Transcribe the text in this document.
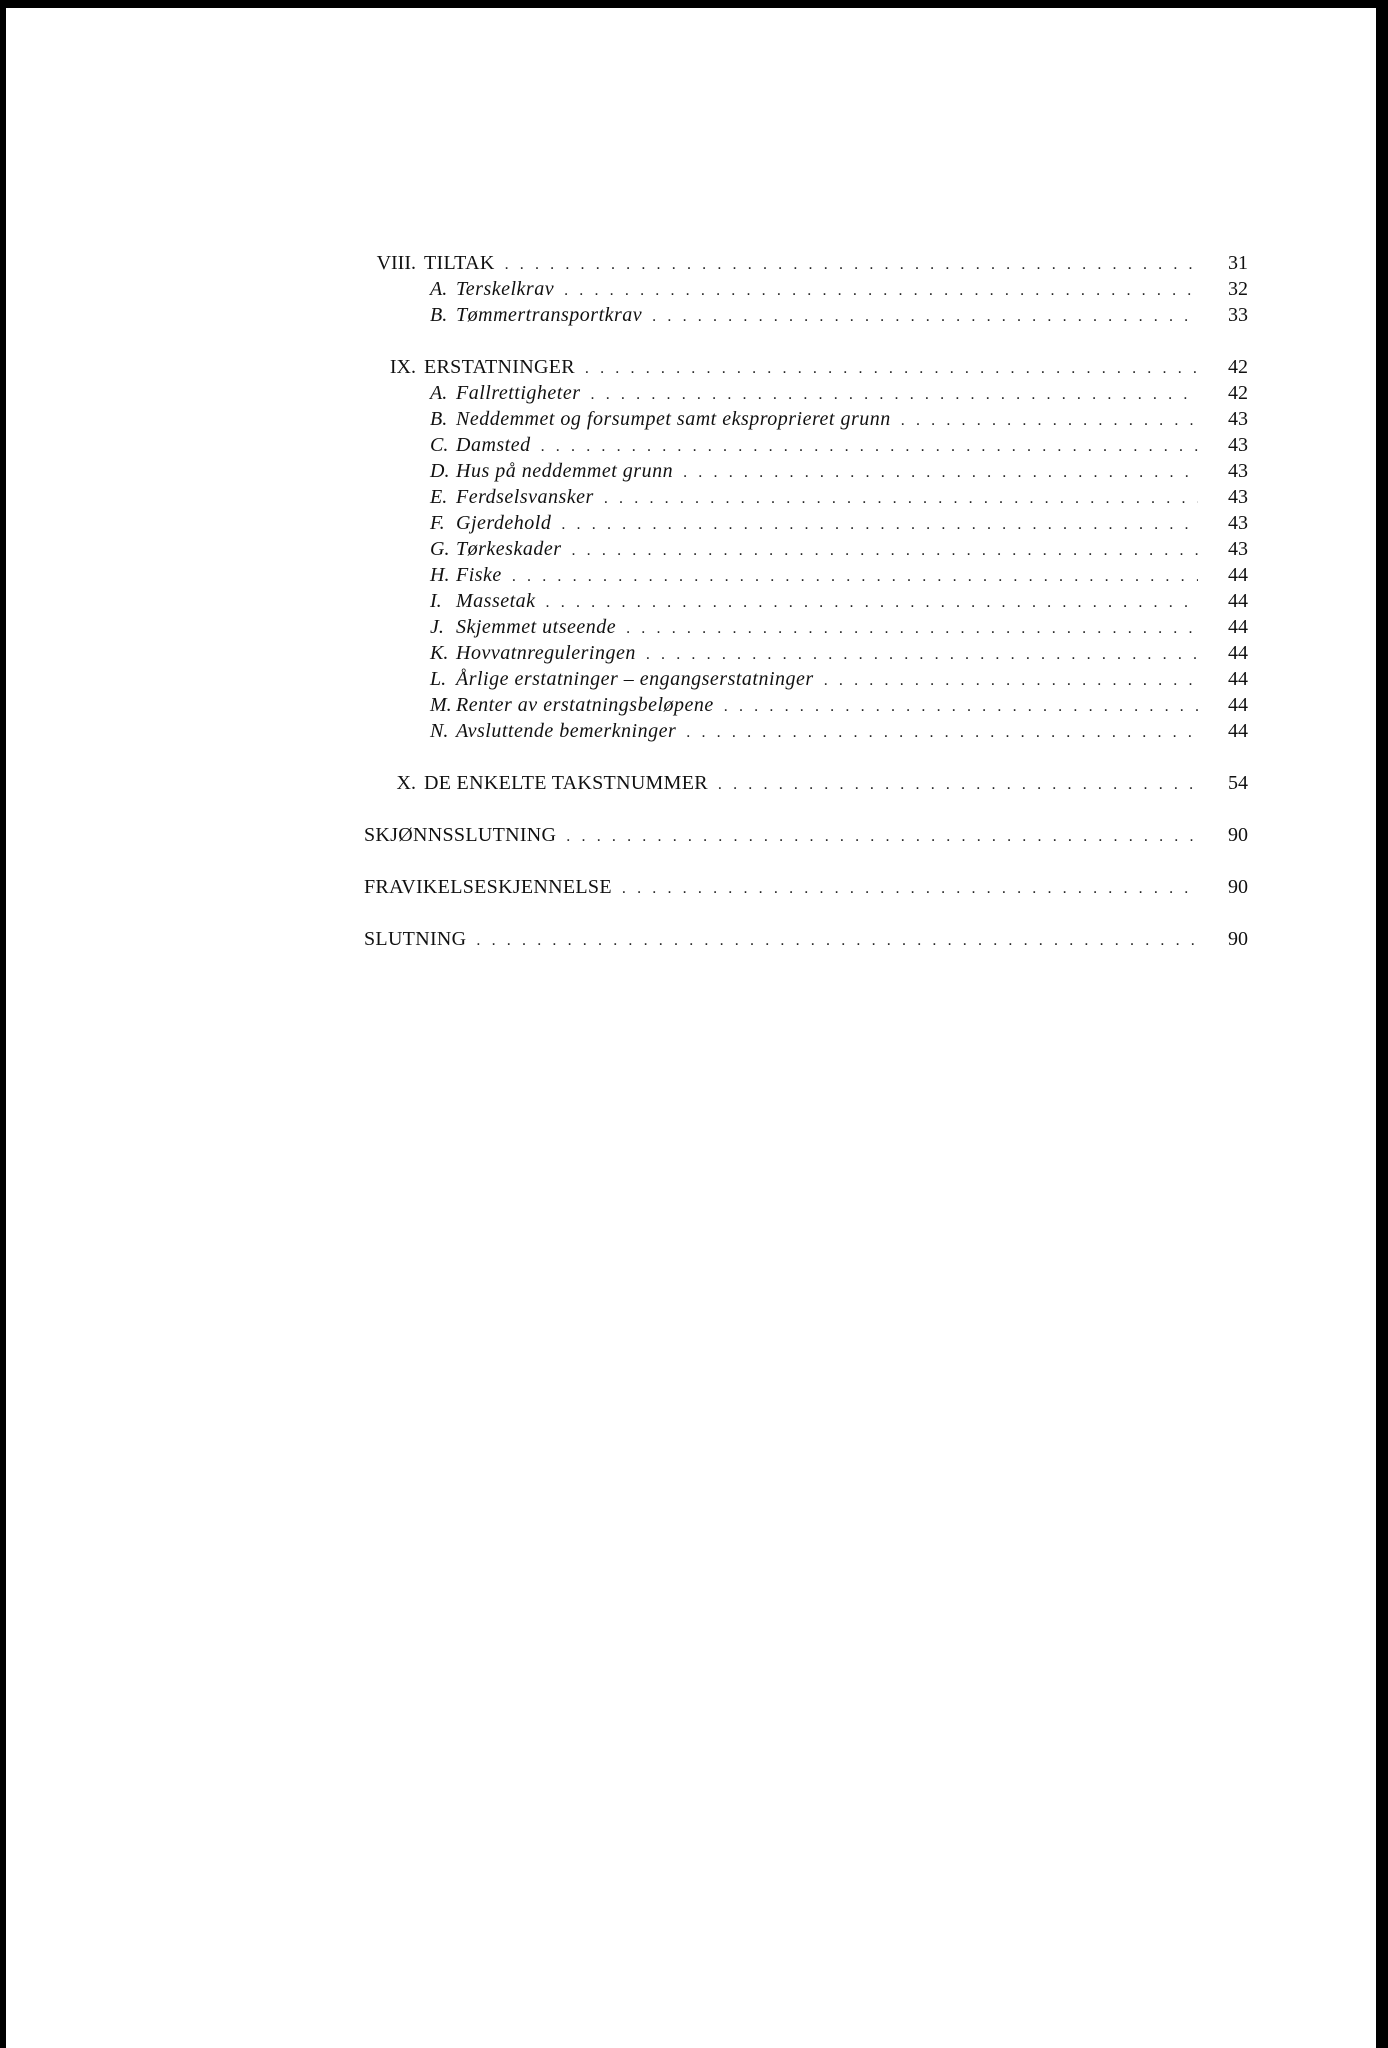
VIII. TILTAK . . .	31
A. Terskelkrav . . .	32
B. Tømmertransportkrav . . .	33
IX. ERSTATNINGER . . .	42
A. Fallrettigheter . . .	42
B. Neddemmet og forsumpet samt eksproprieret grunn . . .	43
C. Damsted . . .	43
D. Hus på neddemmet grunn . . .	43
E. Ferdselsvansker . . .	43
F. Gjerdehold . . .	43
G. Tørkeskader . . .	43
H. Fiske . . .	44
I. Massetak . . .	44
J. Skjemmet utseende . . .	44
K. Hovvatnreguleringen . . .	44
L. Årlige erstatninger – engangserstatninger . . .	44
M. Renter av erstatningsbeløpene . . .	44
N. Avsluttende bemerkninger . . .	44
X. DE ENKELTE TAKSTNUMMER . . .	54
SKJØNNSSLUTNING . . .	90
FRAVIKELSESKJENNELSE . . .	90
SLUTNING . . .	90
